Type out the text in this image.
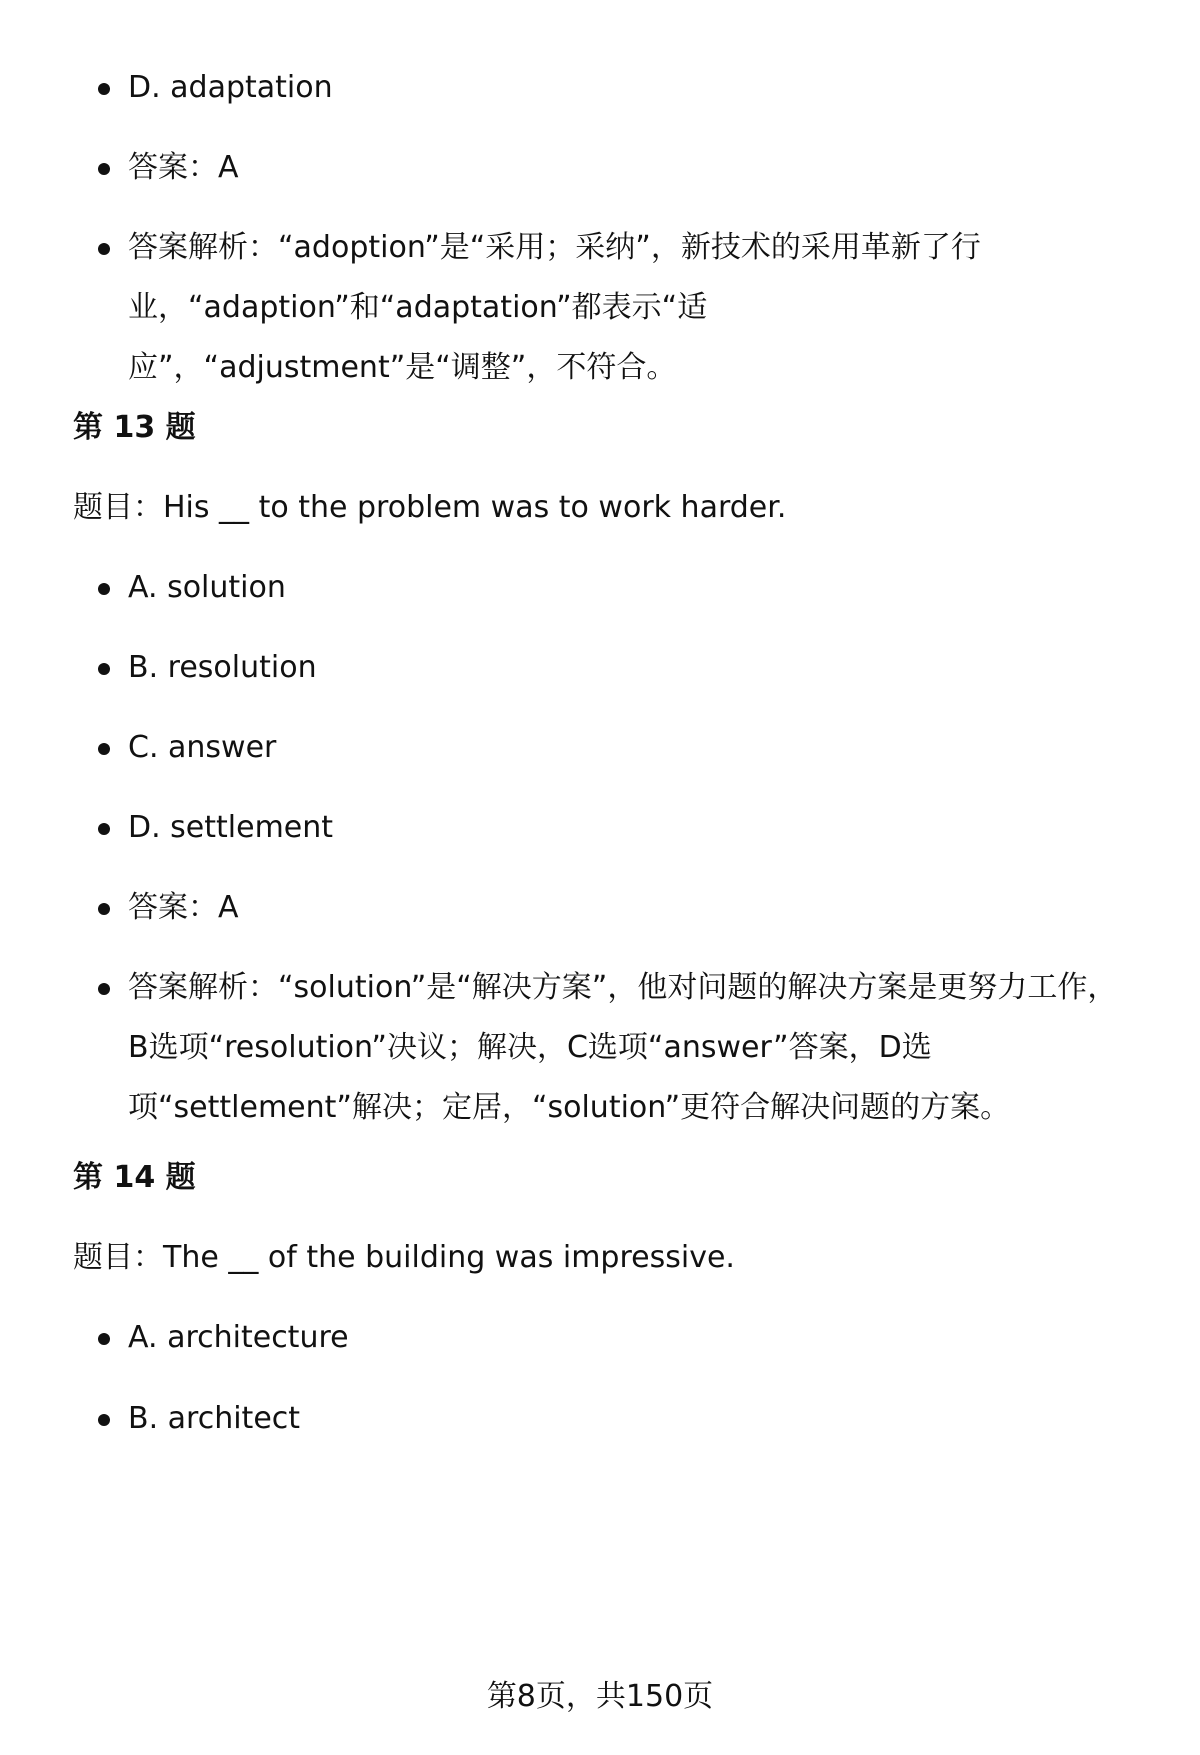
D. adaptation
答案：A
答案解析：“adoption”是“采用；采纳”，新技术的采用革新了行业，“adaption”和“adaptation”都表示“适应”，“adjustment”是“调整”，不符合。
第 13 题
题目：His __ to the problem was to work harder.
A. solution
B. resolution
C. answer
D. settlement
答案：A
答案解析：“solution”是“解决方案”，他对问题的解决方案是更努力工作，B选项“resolution”决议；解决，C选项“answer”答案，D选项“settlement”解决；定居，“solution”更符合解决问题的方案。
第 14 题
题目：The __ of the building was impressive.
A. architecture
B. architect
第8页，共150页
